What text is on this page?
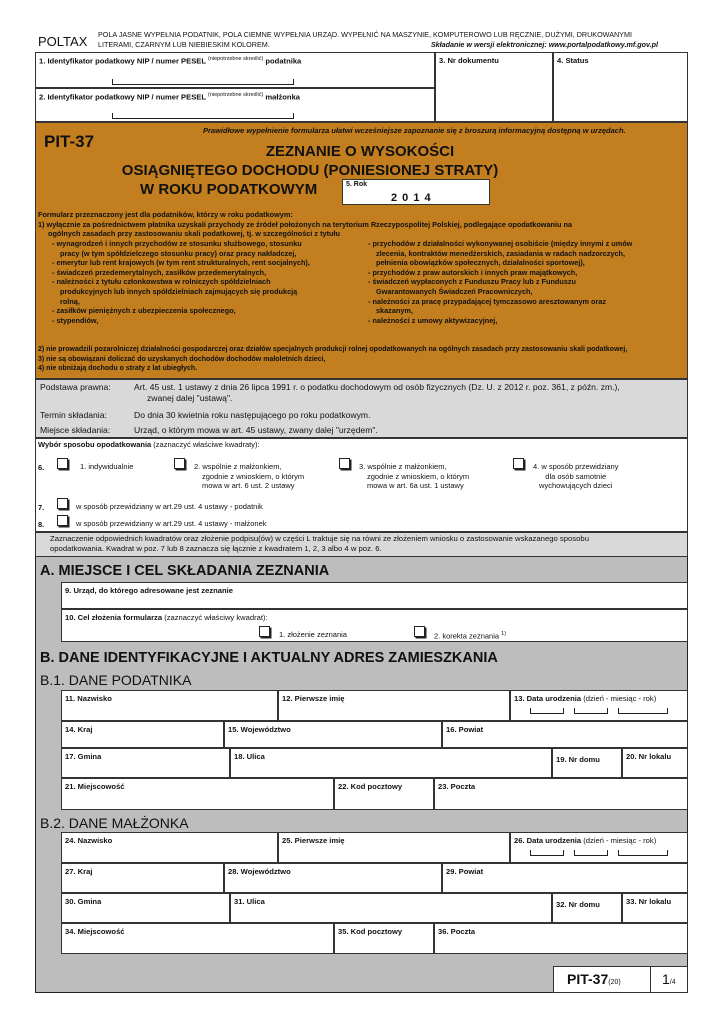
POLTAX POLA JASNE WYPEŁNIA PODATNIK, POLA CIEMNE WYPEŁNIA URZĄD. WYPEŁNIĆ NA MASZYNIE, KOMPUTEROWO LUB RĘCZNIE, DUŻYMI, DRUKOWANYMI
LITERAMI, CZARNYM LUB NIEBIESKIM KOLOREM.	Składanie w wersji elektronicznej: www.portalpodatkowy.mf.gov.pl
1. Identyfikator podatkowy NIP / numer PESEL $^{(niepotrzebne skreślić)}$ podatnika
2. Identyfikator podatkowy NIP / numer PESEL $^{(niepotrzebne skreślić)}$ małżonka
3. Nr dokumentu	4. Status
PIT-37
Prawidłowe wypełnienie formularza ułatwi wcześniejsze zapoznanie się z broszurą informacyjną dostępną w urzędach.
ZEZNANIE O WYSOKOŚCI
OSIĄGNIĘTEGO DOCHODU (PONIESIONEJ STRATY)
W ROKU PODATKOWYM	5. Rok
2 0 1 4
Formularz przeznaczony jest dla podatników, którzy w roku podatkowym:
1) wyłącznie za pośrednictwem płatnika uzyskali przychody ze źródeł położonych na terytorium Rzeczypospolitej Polskiej, podlegające opodatkowaniu na
ogólnych zasadach przy zastosowaniu skali podatkowej, tj. w szczególności z tytułu
- wynagrodzeń i innych przychodów ze stosunku służbowego, stosunku
pracy (w tym spółdzielczego stosunku pracy) oraz pracy nakładczej,
- emerytur lub rent krajowych (w tym rent strukturalnych, rent socjalnych),
- świadczeń przedemerytalnych, zasiłków przedemerytalnych,
- należności z tytułu członkowstwa w rolniczych spółdzielniach
produkcyjnych lub innych spółdzielniach zajmujących się produkcją
rolną,
- zasiłków pieniężnych z ubezpieczenia społecznego,
- stypendiów,
- przychodów z działalności wykonywanej osobiście (między innymi z umów
zlecenia, kontraktów menedżerskich, zasiadania w radach nadzorczych,
pełnienia obowiązków społecznych, działalności sportowej),
- przychodów z praw autorskich i innych praw majątkowych,
- świadczeń wypłaconych z Funduszu Pracy lub z Funduszu
Gwarantowanych Świadczeń Pracowniczych,
- należności za pracę przypadającej tymczasowo aresztowanym oraz
skazanym,
- należności z umowy aktywizacyjnej,
2) nie prowadzili pozarolniczej działalności gospodarczej oraz działów specjalnych produkcji rolnej opodatkowanych na ogólnych zasadach przy zastosowaniu skali podatkowej,
3) nie są obowiązani doliczać do uzyskanych dochodów dochodów małoletnich dzieci,
4) nie obniżają dochodu o straty z lat ubiegłych.
Podstawa prawna:	Art. 45 ust. 1 ustawy z dnia 26 lipca 1991 r. o podatku dochodowym od osób fizycznych (Dz. U. z 2012 r. poz. 361, z późn. zm.),
zwanej dalej "ustawą".
Termin składania:	Do dnia 30 kwietnia roku następującego po roku podatkowym.
Miejsce składania:	Urząd, o którym mowa w art. 45 ustawy, zwany dalej "urzędem".
Wybór sposobu opodatkowania (zaznaczyć właściwe kwadraty):
6.	1. indywidualnie	2. wspólnie z małżonkiem,
zgodnie z wnioskiem, o którym
mowa w art. 6 ust. 2 ustawy
3. wspólnie z małżonkiem,
zgodnie z wnioskiem, o którym
mowa w art. 6a ust. 1 ustawy
4. w sposób przewidziany
dla osób samotnie
wychowujących dzieci
7.	w sposób przewidziany w art.29 ust. 4 ustawy - podatnik
8.	w sposób przewidziany w art.29 ust. 4 ustawy - małżonek
Zaznaczenie odpowiednich kwadratów oraz złożenie podpisu(ów) w części L traktuje się na równi ze złożeniem wniosku o zastosowanie wskazanego sposobu
opodatkowania. Kwadrat w poz. 7 lub 8 zaznacza się łącznie z kwadratem 1, 2, 3 albo 4 w poz. 6.
A. MIEJSCE I CEL SKŁADANIA ZEZNANIA
9. Urząd, do którego adresowane jest zeznanie
10. Cel złożenia formularza (zaznaczyć właściwy kwadrat):
1. złożenie zeznania	2. korekta zeznania $^{1)}$
B. DANE IDENTYFIKACYJNE I AKTUALNY ADRES ZAMIESZKANIA
B.1. DANE PODATNIKA
11. Nazwisko	12. Pierwsze imię	13. Data urodzenia (dzień - miesiąc - rok)
14. Kraj	15. Województwo	16. Powiat
17. Gmina	18. Ulica	19. Nr domu	20. Nr lokalu
21. Miejscowość	22. Kod pocztowy	23. Poczta
B.2. DANE MAŁŻONKA
24. Nazwisko	25. Pierwsze imię	26. Data urodzenia (dzień - miesiąc - rok)
27. Kraj	28. Województwo	29. Powiat
30. Gmina	31. Ulica	32. Nr domu	33. Nr lokalu
34. Miejscowość	35. Kod pocztowy	36. Poczta
PIT-37(20)	1/4
